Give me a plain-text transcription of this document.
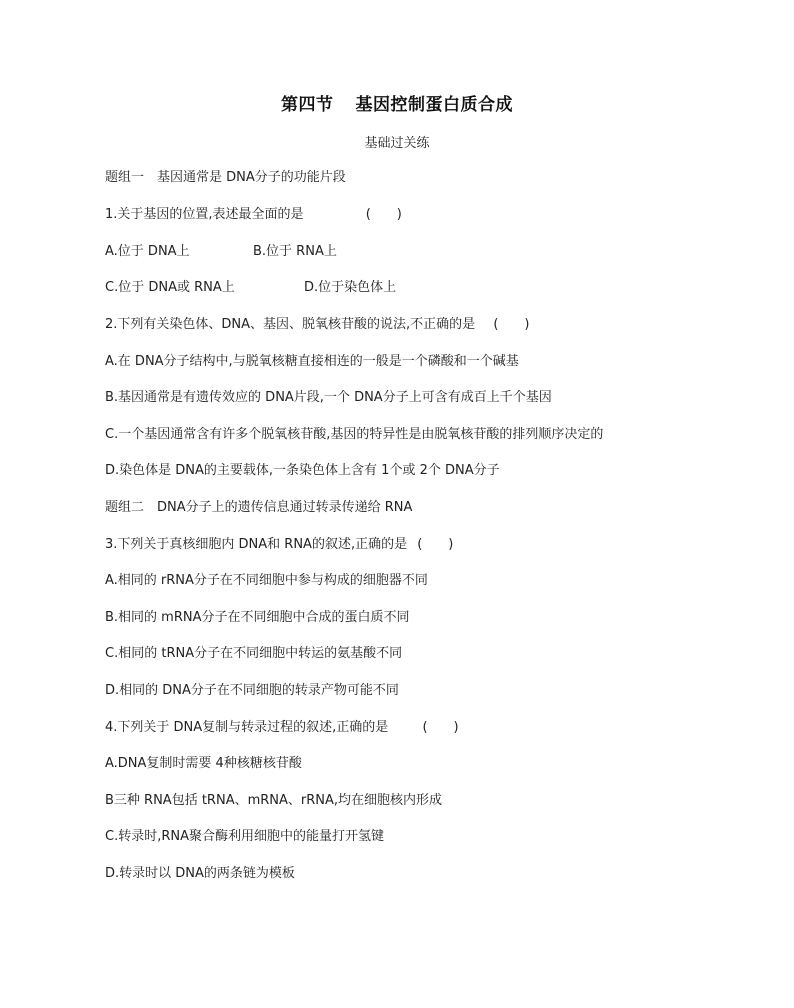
第四节 基因控制蛋白质合成
基础过关练
题组一　基因通常是 DNA分子的功能片段
1.关于基因的位置,表述最全面的是	(　　)
A.位于 DNA上	B.位于 RNA上
C.位于 DNA或 RNA上	D.位于染色体上
2.下列有关染色体、DNA、基因、脱氧核苷酸的说法,不正确的是 (　　)
A.在 DNA分子结构中,与脱氧核糖直接相连的一般是一个磷酸和一个碱基
B.基因通常是有遗传效应的 DNA片段,一个 DNA分子上可含有成百上千个基因
C.一个基因通常含有许多个脱氧核苷酸,基因的特异性是由脱氧核苷酸的排列顺序决定的
D.染色体是 DNA的主要载体,一条染色体上含有 1个或 2个 DNA分子
题组二　DNA分子上的遗传信息通过转录传递给 RNA
3.下列关于真核细胞内 DNA和 RNA的叙述,正确的是 (　　)
A.相同的 rRNA分子在不同细胞中参与构成的细胞器不同
B.相同的 mRNA分子在不同细胞中合成的蛋白质不同
C.相同的 tRNA分子在不同细胞中转运的氨基酸不同
D.相同的 DNA分子在不同细胞的转录产物可能不同
4.下列关于 DNA复制与转录过程的叙述,正确的是	(　　)
A.DNA复制时需要 4种核糖核苷酸
B三种 RNA包括 tRNA、mRNA、rRNA,均在细胞核内形成
C.转录时,RNA聚合酶利用细胞中的能量打开氢键
D.转录时以 DNA的两条链为模板
